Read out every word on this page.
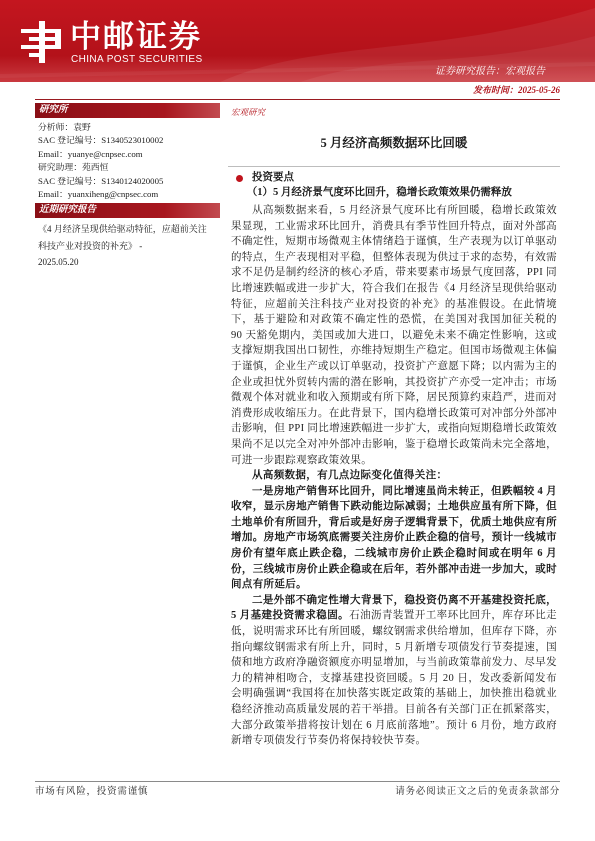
中邮证券
CHINA POST SECURITIES
证券研究报告：宏观报告
发布时间：2025-05-26
研究所
分析师：袁野
SAC 登记编号：S1340523010002
Email：yuanye@cnpsec.com
研究助理：苑西恒
SAC 登记编号：S1340124020005
Email：yuanxiheng@cnpsec.com
近期研究报告
《4 月经济呈现供给驱动特征，应超前关注科技产业对投资的补充》 -
2025.05.20
宏观研究
5 月经济高频数据环比回暖
投资要点
（1）5 月经济景气度环比回升，稳增长政策效果仍需释放

从高频数据来看，5 月经济景气度环比有所回暖，稳增长政策效果显现，工业需求环比回升，消费具有季节性回升特点，面对外部高不确定性，短期市场微观主体情绪趋于谨慎，生产表现为以订单驱动的特点，生产表现相对平稳，但整体表现为供过于求的态势，有效需求不足仍是制约经济的核心矛盾，带来要素市场景气度回落，PPI 同比增速跌幅或进一步扩大，符合我们在报告《4 月经济呈现供给驱动特征，应超前关注科技产业对投资的补充》的基准假设。在此情境下，基于避险和对政策不确定性的恐慌，在美国对我国加征关税的 90 天豁免期内，美国或加大进口，以避免未来不确定性影响，这或支撑短期我国出口韧性，亦维持短期生产稳定。但国市场微观主体偏于谨慎，企业生产或以订单驱动，投资扩产意愿下降；以内需为主的企业或担忧外贸转内需的潜在影响，其投资扩产亦受一定冲击；市场微观个体对就业和收入预期或有所下降，居民预算约束趋严，进而对消费形成收缩压力。在此背景下，国内稳增长政策可对冲部分外部冲击影响，但 PPI 同比增速跌幅进一步扩大，或指向短期稳增长政策效果尚不足以完全对冲外部冲击影响，鉴于稳增长政策尚未完全落地，可进一步跟踪观察政策效果。

从高频数据，有几点边际变化值得关注：

一是房地产销售环比回升，同比增速虽尚未转正，但跌幅较 4 月收窄，显示房地产销售下跌动能边际减弱；土地供应虽有所下降，但土地单价有所回升，背后或是好房子逻辑背景下，优质土地供应有所增加。房地产市场筑底需要关注房价止跌企稳的信号，预计一线城市房价有望年底止跌企稳，二线城市房价止跌企稳时间或在明年 6 月份，三线城市房价止跌企稳或在后年，若外部冲击进一步加大，或时间点有所延后。

二是外部不确定性增大背景下，稳投资仍离不开基建投资托底，5 月基建投资需求稳固。石油沥青装置开工率环比回升，库存环比走低，说明需求环比有所回暖，螺纹钢需求供给增加，但库存下降，亦指向螺纹钢需求有所上升，同时，5 月新增专项债发行节奏提速，国债和地方政府净融资额度亦明显增加，与当前政策靠前发力、尽早发力的精神相吻合，支撑基建投资回暖。5 月 20 日，发改委新闻发布会明确强调“我国将在加快落实既定政策的基础上，加快推出稳就业稳经济推动高质量发展的若干举措。目前各有关部门正在抓紧落实，大部分政策举措将按计划在 6 月底前落地”。预计 6 月份，地方政府新增专项债发行节奏仍将保持较快节奏。

市场有风险，投资需谨慎	请务必阅读正文之后的免责条款部分
